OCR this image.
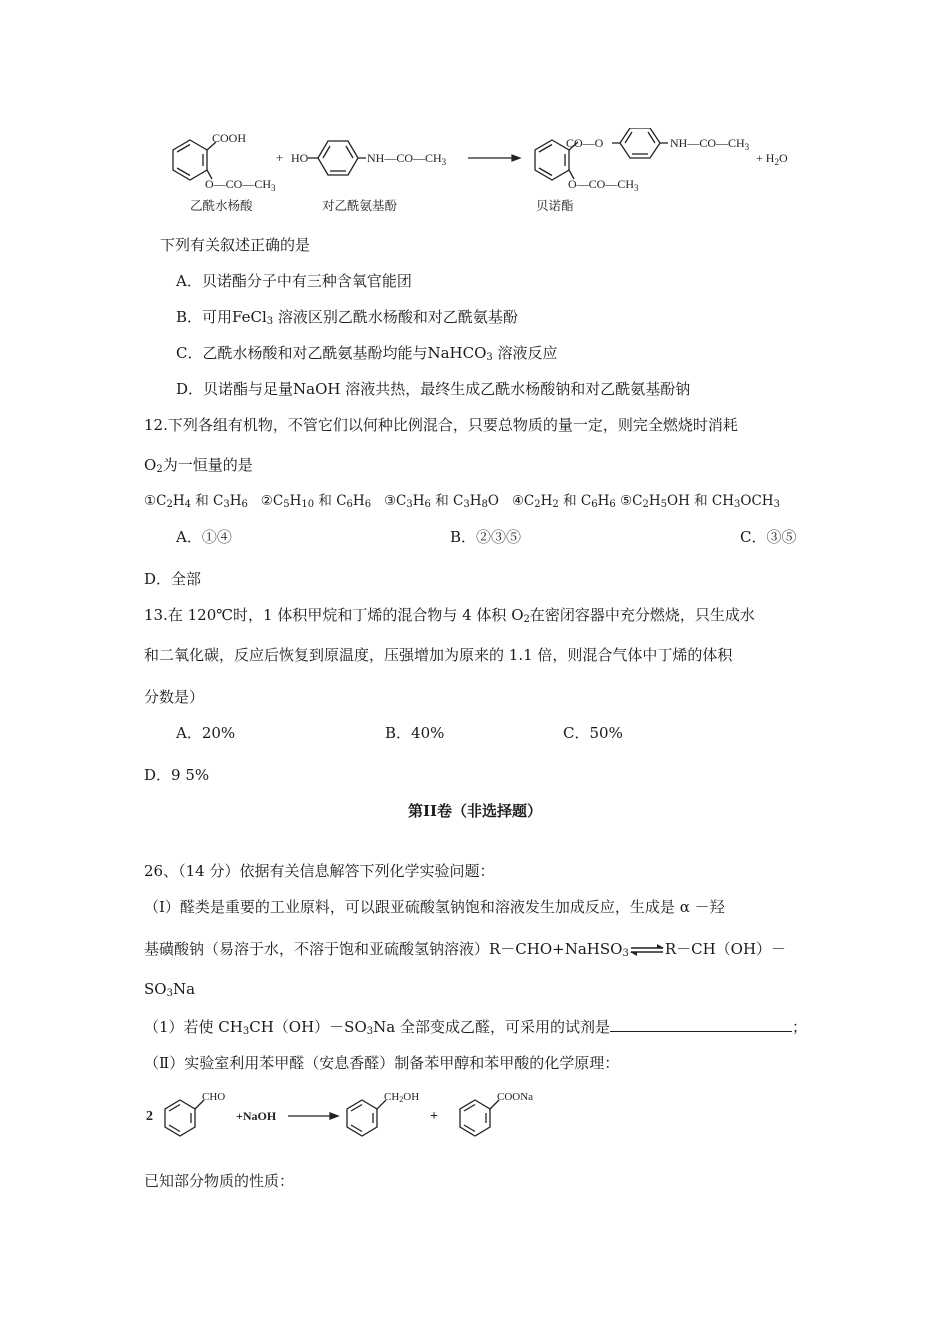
COOH
$O—CO—CH_3$
+ HO	$NH—CO—CH_3$
CO—O	$NH—CO—CH_3$
$O—CO—CH_3$
+ $H_2O$
乙酰水杨酸	对乙酰氨基酚	贝诺酯
下列有关叙述正确的是
A．贝诺酯分子中有三种含氧官能团
B．可用FeCl$_3$ 溶液区别乙酰水杨酸和对乙酰氨基酚
C．乙酰水杨酸和对乙酰氨基酚均能与NaHCO$_3$ 溶液反应
D．贝诺酯与足量NaOH 溶液共热，最终生成乙酰水杨酸钠和对乙酰氨基酚钠
12.下列各组有机物，不管它们以何种比例混合，只要总物质的量一定，则完全燃烧时消耗
$O_2$为一恒量的是
$①C_2H_4$ 和 $C_3H_6$   $②C_5H_{10}$ 和 $C_6H_6$   $③C_3H_6$ 和 $C_3H_8O$   $④C_2H_2$ 和 $C_6H_6$ $⑤C_2H_5OH$ 和 $CH_3OCH_3$
A．①④	B．②③⑤	C．③⑤
D．全部
13.在 120℃时，1 体积甲烷和丁烯的混合物与 4 体积 $O_2$在密闭容器中充分燃烧，只生成水
和二氧化碳，反应后恢复到原温度，压强增加为原来的 1.1 倍，则混合气体中丁烯的体积
分数是）
A．20%	B．40%	C．50%
D．9 5%
第II卷（非选择题）
26、（14 分）依据有关信息解答下列化学实验问题：
（Ⅰ）醛类是重要的工业原料，可以跟亚硫酸氢钠饱和溶液发生加成反应，生成是 α －羟
基磺酸钠（易溶于水，不溶于饱和亚硫酸氢钠溶液）R－CHO+NaHSO$_3$⇌R－CH（OH）－
$SO_3Na$
（1）若使 $CH_3CH(OH)-SO_3Na$ 全部变成乙醛，可采用的试剂是	；
（Ⅱ）实验室利用苯甲醛（安息香醛）制备苯甲醇和苯甲酸的化学原理：
2
CHO
+NaOH
CH2OH
+
COONa
已知部分物质的性质：
